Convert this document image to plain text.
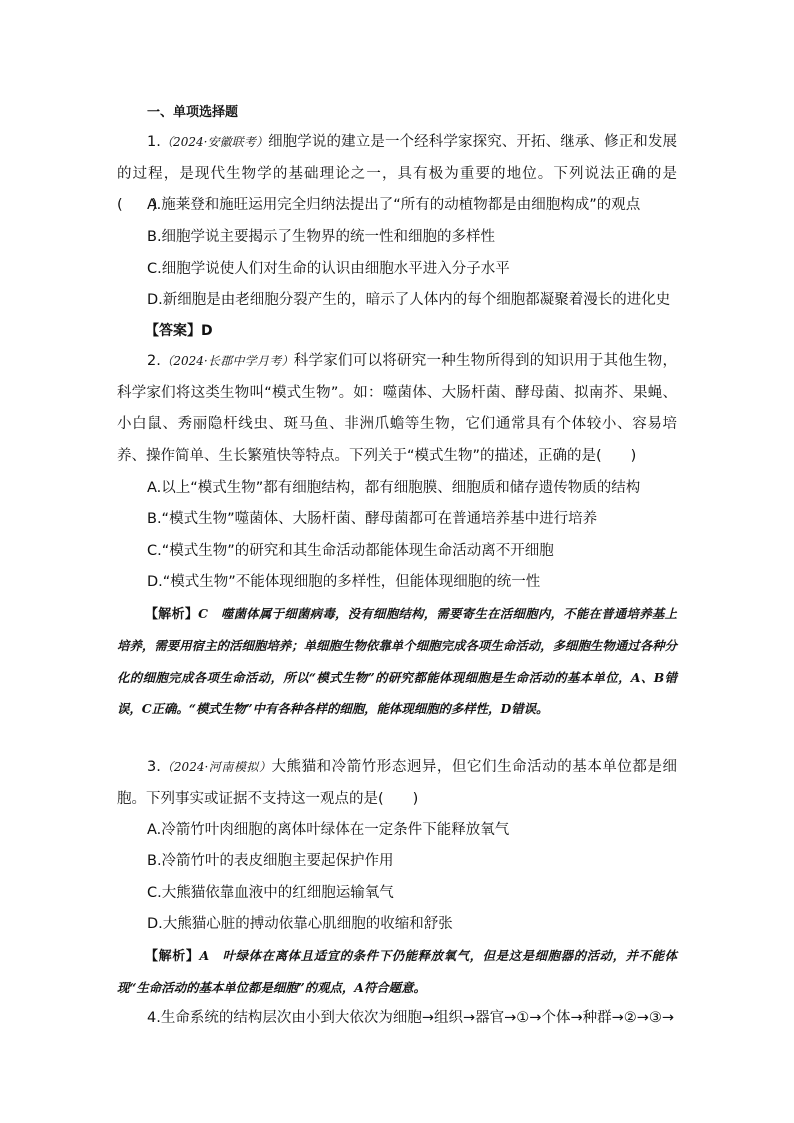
一、单项选择题

1.（2024·安徽联考）细胞学说的建立是一个经科学家探究、开拓、继承、修正和发展的过程，是现代生物学的基础理论之一，具有极为重要的地位。下列说法正确的是(　　)

A.施莱登和施旺运用完全归纳法提出了“所有的动植物都是由细胞构成”的观点
B.细胞学说主要揭示了生物界的统一性和细胞的多样性
C.细胞学说使人们对生命的认识由细胞水平进入分子水平
D.新细胞是由老细胞分裂产生的，暗示了人体内的每个细胞都凝聚着漫长的进化史
【答案】D

2.（2024·长郡中学月考）科学家们可以将研究一种生物所得到的知识用于其他生物，科学家们将这类生物叫“模式生物”。如：噬菌体、大肠杆菌、酵母菌、拟南芥、果蝇、小白鼠、秀丽隐杆线虫、斑马鱼、非洲爪蟾等生物，它们通常具有个体较小、容易培养、操作简单、生长繁殖快等特点。下列关于“模式生物”的描述，正确的是(　　)

A.以上“模式生物”都有细胞结构，都有细胞膜、细胞质和储存遗传物质的结构
B.“模式生物”噬菌体、大肠杆菌、酵母菌都可在普通培养基中进行培养
C.“模式生物”的研究和其生命活动都能体现生命活动离不开细胞
D.“模式生物”不能体现细胞的多样性，但能体现细胞的统一性

【解析】C　噬菌体属于细菌病毒，没有细胞结构，需要寄生在活细胞内，不能在普通培养基上培养，需要用宿主的活细胞培养；单细胞生物依靠单个细胞完成各项生命活动，多细胞生物通过各种分化的细胞完成各项生命活动，所以“模式生物”的研究都能体现细胞是生命活动的基本单位，A、B错误，C正确。“模式生物”中有各种各样的细胞，能体现细胞的多样性，D错误。

3.（2024·河南模拟）大熊猫和冷箭竹形态迥异，但它们生命活动的基本单位都是细胞。下列事实或证据不支持这一观点的是(　　)

A.冷箭竹叶肉细胞的离体叶绿体在一定条件下能释放氧气
B.冷箭竹叶的表皮细胞主要起保护作用
C.大熊猫依靠血液中的红细胞运输氧气
D.大熊猫心脏的搏动依靠心肌细胞的收缩和舒张

【解析】A　叶绿体在离体且适宜的条件下仍能释放氧气，但是这是细胞器的活动，并不能体现“生命活动的基本单位都是细胞”的观点，A符合题意。

4.生命系统的结构层次由小到大依次为细胞→组织→器官→①→个体→种群→②→③→
